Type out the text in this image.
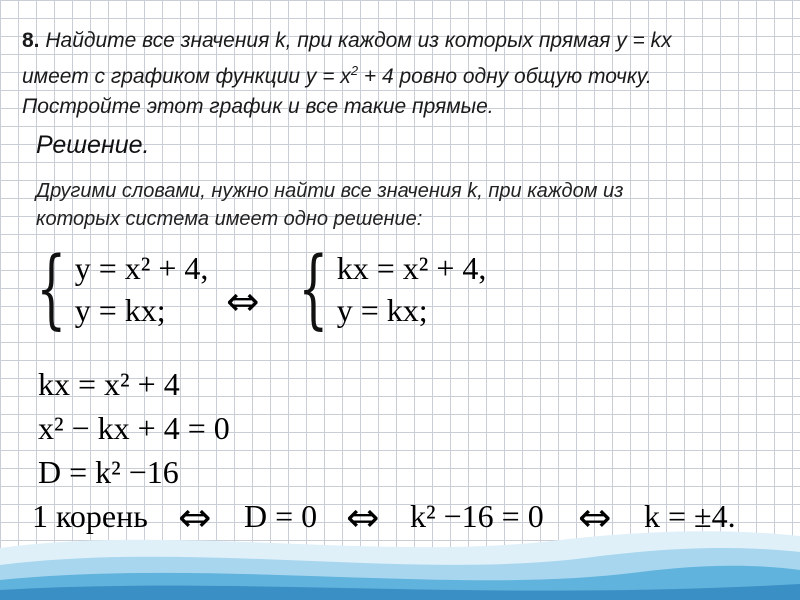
8. Найдите все значения k, при каждом из которых прямая y = kx
имеет с графиком функции $y = x^2 + 4$ ровно одну общую точку.
Постройте этот график и все такие прямые.
Решение.
Другими словами, нужно найти все значения k, при каждом из
которых система имеет одно решение:
{ y = x² + 4,
y = kx;	⇔ { kx = x² + 4,
y = kx;
kx = x² + 4
x² − kx + 4 = 0
D = k² −16
1 корень ⇔ D = 0 ⇔ k² −16 = 0 ⇔ k = ±4.
